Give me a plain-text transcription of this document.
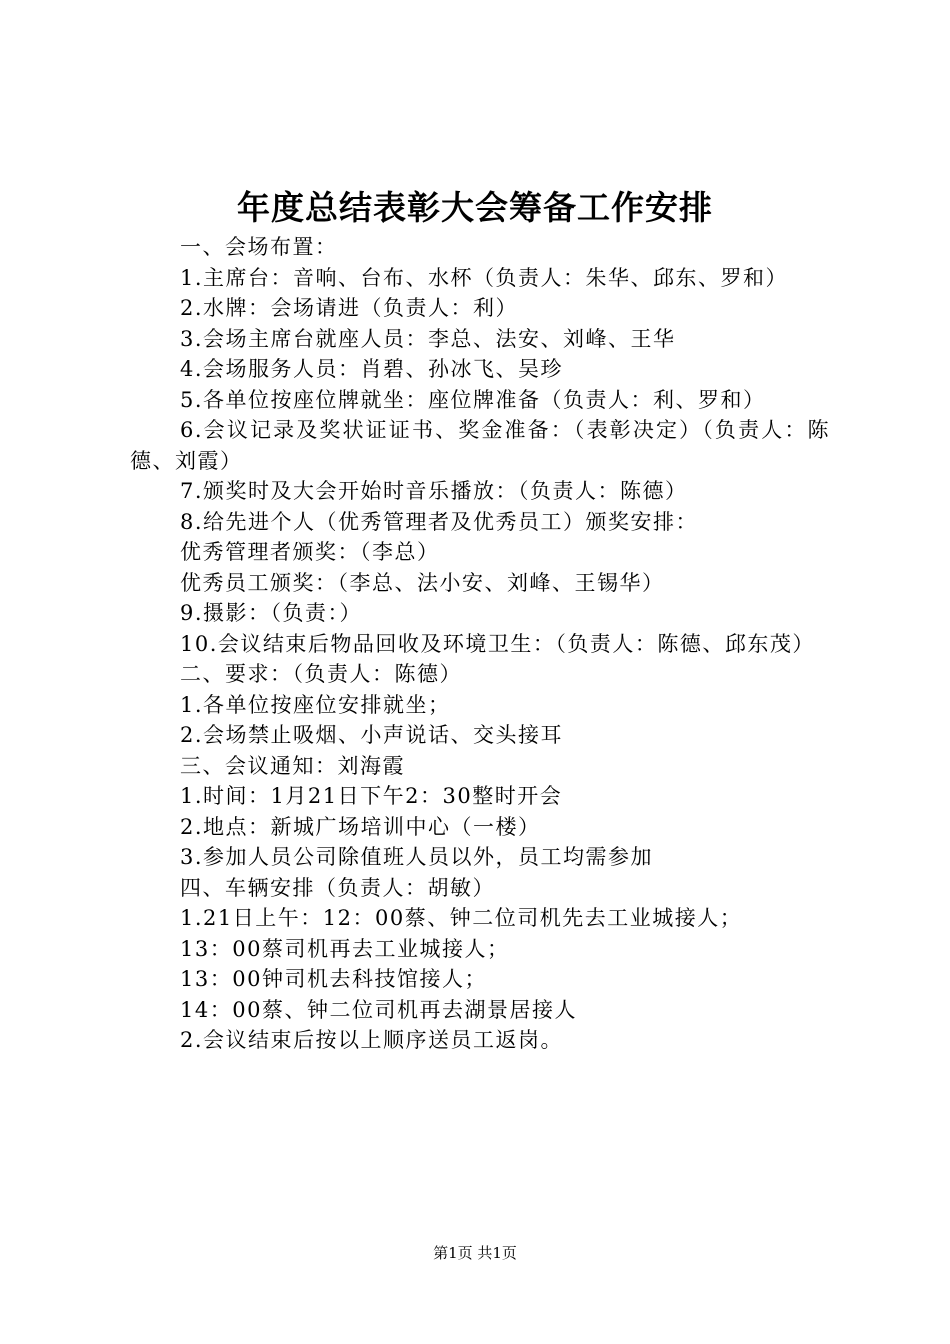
年度总结表彰大会筹备工作安排
一、会场布置：
1.主席台：音响、台布、水杯（负责人：朱华、邱东、罗和）
2.水牌：会场请进（负责人：利）
3.会场主席台就座人员：李总、法安、刘峰、王华
4.会场服务人员：肖碧、孙冰飞、吴珍
5.各单位按座位牌就坐：座位牌准备（负责人：利、罗和）
6.会议记录及奖状证证书、奖金准备：（表彰决定）（负责人：陈德、刘霞）
7.颁奖时及大会开始时音乐播放：（负责人：陈德）
8.给先进个人（优秀管理者及优秀员工）颁奖安排：
优秀管理者颁奖：（李总）
优秀员工颁奖：（李总、法小安、刘峰、王锡华）
9.摄影：（负责：）
10.会议结束后物品回收及环境卫生：（负责人：陈德、邱东茂）
二、要求：（负责人：陈德）
1.各单位按座位安排就坐；
2.会场禁止吸烟、小声说话、交头接耳
三、会议通知：刘海霞
1.时间：1月21日下午2：30整时开会
2.地点：新城广场培训中心（一楼）
3.参加人员公司除值班人员以外，员工均需参加
四、车辆安排（负责人：胡敏）
1.21日上午：12：00蔡、钟二位司机先去工业城接人；
13：00蔡司机再去工业城接人；
13：00钟司机去科技馆接人；
14：00蔡、钟二位司机再去湖景居接人
2.会议结束后按以上顺序送员工返岗。
第1页 共1页
